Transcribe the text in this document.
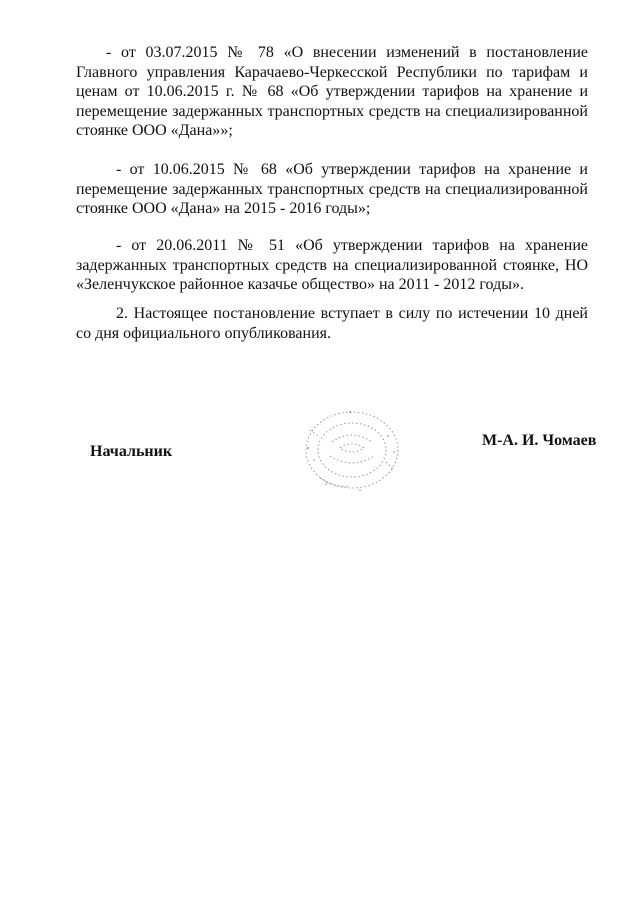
- от 03.07.2015 № 78 «О внесении изменений в постановление Главного управления Карачаево-Черкесской Республики по тарифам и ценам от 10.06.2015 г. № 68 «Об утверждении тарифов на хранение и перемещение задержанных транспортных средств на специализированной стоянке ООО «Дана»»;
- от 10.06.2015 № 68 «Об утверждении тарифов на хранение и перемещение задержанных транспортных средств на специализированной стоянке ООО «Дана» на 2015 - 2016 годы»;
- от 20.06.2011 № 51 «Об утверждении тарифов на хранение задержанных транспортных средств на специализированной стоянке, НО «Зеленчукское районное казачье общество» на 2011 - 2012 годы».
2. Настоящее постановление вступает в силу по истечении 10 дней со дня официального опубликования.
Начальник
М-А. И. Чомаев
